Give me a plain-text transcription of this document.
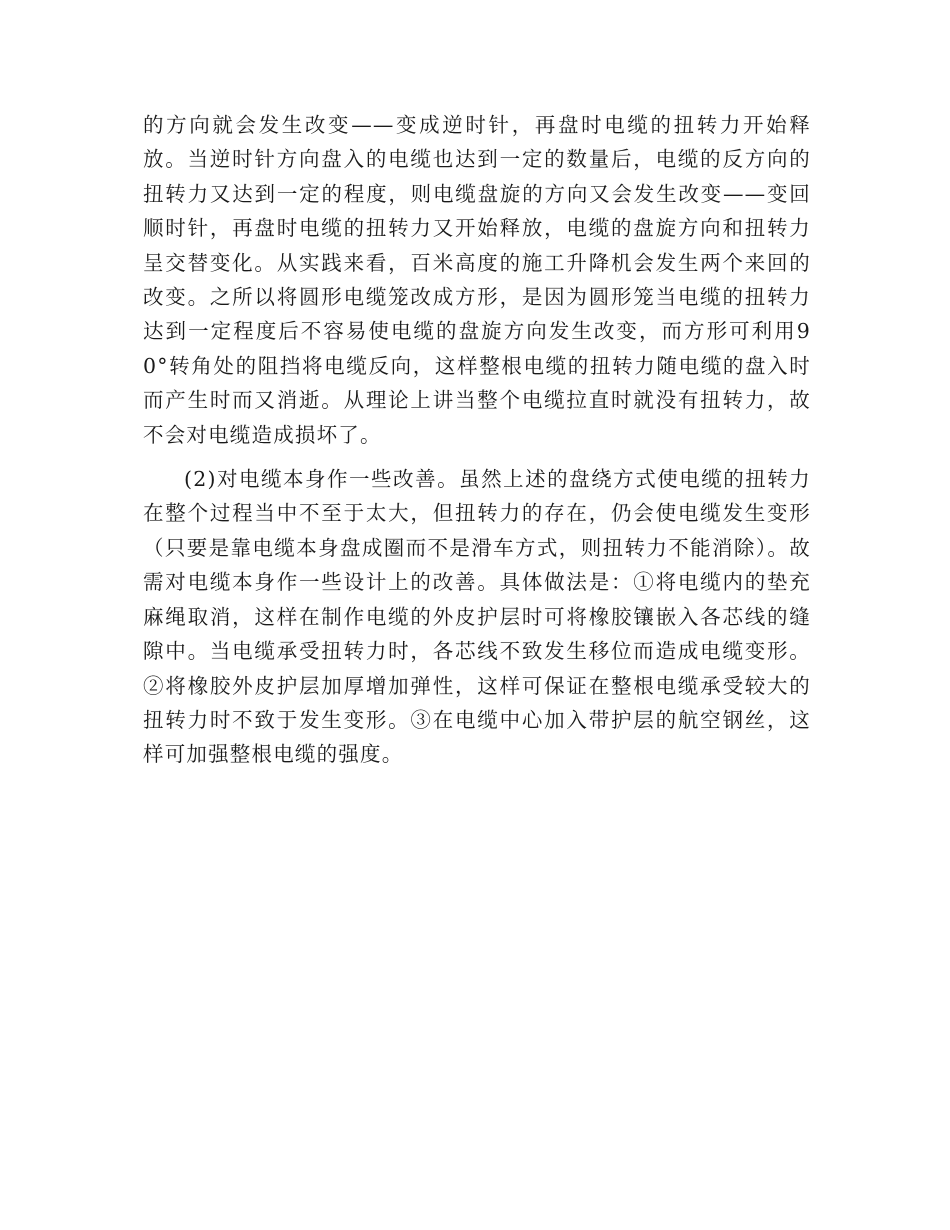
的方向就会发生改变——变成逆时针，再盘时电缆的扭转力开始释放。当逆时针方向盘入的电缆也达到一定的数量后，电缆的反方向的扭转力又达到一定的程度，则电缆盘旋的方向又会发生改变——变回顺时针，再盘时电缆的扭转力又开始释放，电缆的盘旋方向和扭转力呈交替变化。从实践来看，百米高度的施工升降机会发生两个来回的改变。之所以将圆形电缆笼改成方形，是因为圆形笼当电缆的扭转力达到一定程度后不容易使电缆的盘旋方向发生改变，而方形可利用90°转角处的阻挡将电缆反向，这样整根电缆的扭转力随电缆的盘入时而产生时而又消逝。从理论上讲当整个电缆拉直时就没有扭转力，故不会对电缆造成损坏了。

(2)对电缆本身作一些改善。虽然上述的盘绕方式使电缆的扭转力在整个过程当中不至于太大，但扭转力的存在，仍会使电缆发生变形（只要是靠电缆本身盘成圈而不是滑车方式，则扭转力不能消除）。故需对电缆本身作一些设计上的改善。具体做法是：①将电缆内的垫充麻绳取消，这样在制作电缆的外皮护层时可将橡胶镶嵌入各芯线的缝隙中。当电缆承受扭转力时，各芯线不致发生移位而造成电缆变形。②将橡胶外皮护层加厚增加弹性，这样可保证在整根电缆承受较大的扭转力时不致于发生变形。③在电缆中心加入带护层的航空钢丝，这样可加强整根电缆的强度。
